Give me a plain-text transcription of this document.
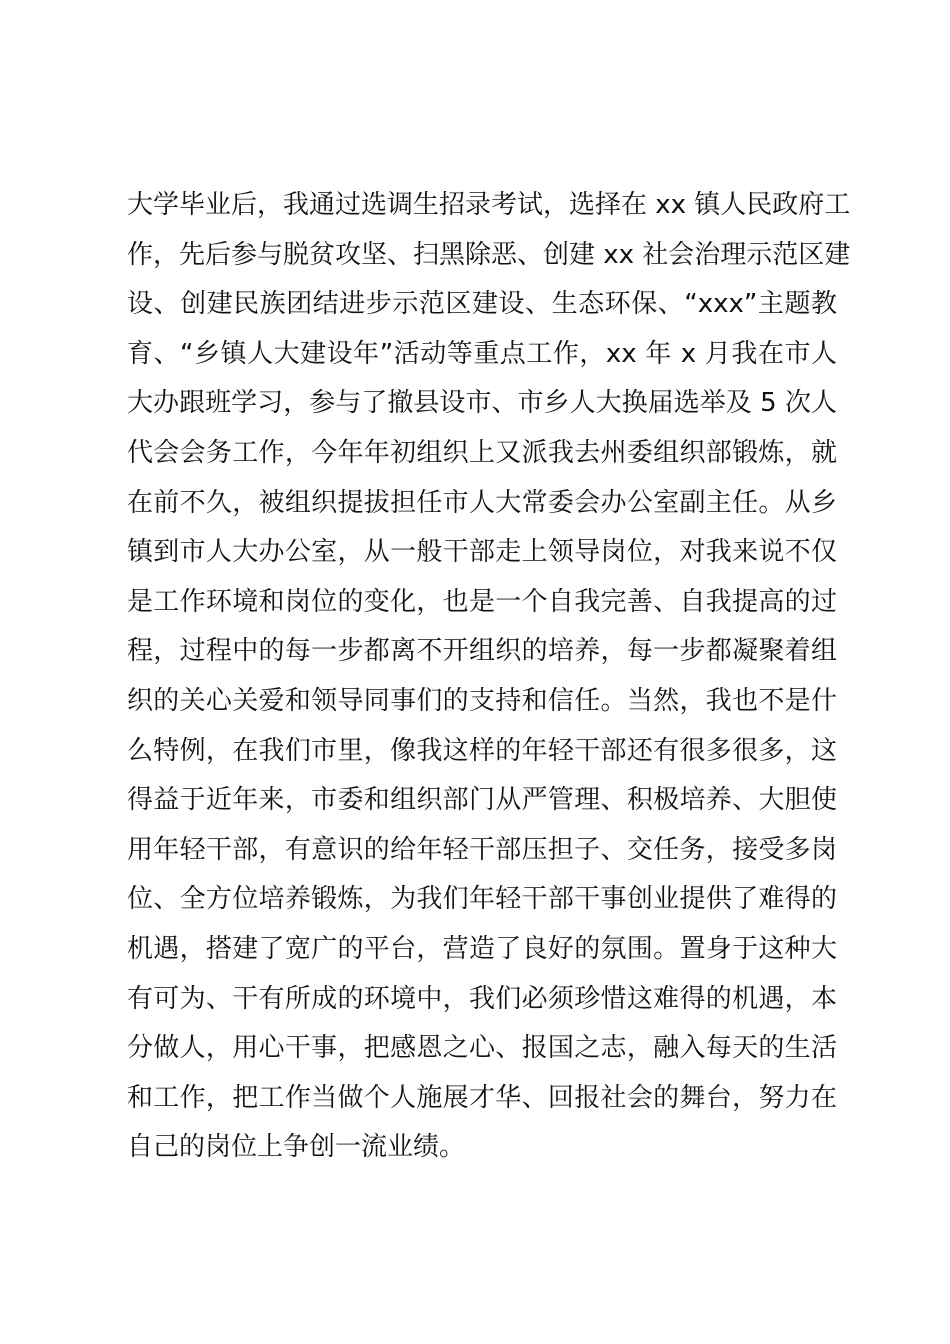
大学毕业后，我通过选调生招录考试，选择在 xx 镇人民政府工
作，先后参与脱贫攻坚、扫黑除恶、创建 xx 社会治理示范区建
设、创建民族团结进步示范区建设、生态环保、“xxx”主题教
育、“乡镇人大建设年”活动等重点工作，xx 年 x 月我在市人
大办跟班学习，参与了撤县设市、市乡人大换届选举及 5 次人
代会会务工作，今年年初组织上又派我去州委组织部锻炼，就
在前不久，被组织提拔担任市人大常委会办公室副主任。从乡
镇到市人大办公室，从一般干部走上领导岗位，对我来说不仅
是工作环境和岗位的变化，也是一个自我完善、自我提高的过
程，过程中的每一步都离不开组织的培养，每一步都凝聚着组
织的关心关爱和领导同事们的支持和信任。当然，我也不是什
么特例，在我们市里，像我这样的年轻干部还有很多很多，这
得益于近年来，市委和组织部门从严管理、积极培养、大胆使
用年轻干部，有意识的给年轻干部压担子、交任务，接受多岗
位、全方位培养锻炼，为我们年轻干部干事创业提供了难得的
机遇，搭建了宽广的平台，营造了良好的氛围。置身于这种大
有可为、干有所成的环境中，我们必须珍惜这难得的机遇，本
分做人，用心干事，把感恩之心、报国之志，融入每天的生活
和工作，把工作当做个人施展才华、回报社会的舞台，努力在
自己的岗位上争创一流业绩。
